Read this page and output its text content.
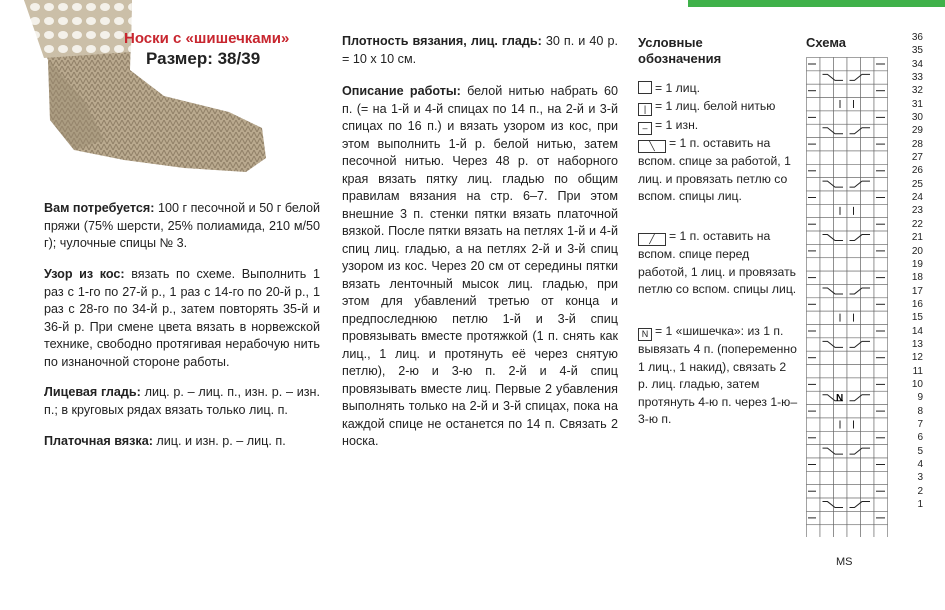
Носки с «шишечками»
Размер: 38/39
Вам потребуется: 100 г песочной и 50 г белой пряжи (75% шерсти, 25% полиамида, 210 м/50 г); чулочные спицы № 3.
Узор из кос: вязать по схеме. Выполнить 1 раз с 1-го по 27-й р., 1 раз с 14-го по 20-й р., 1 раз с 28-го по 34-й р., затем повторять 35-й и 36-й р. При смене цвета вязать в норвежской технике, свободно протягивая нерабочую нить по изнаночной стороне работы.
Лицевая гладь: лиц. р. – лиц. п., изн. р. – изн. п.; в круговых рядах вязать только лиц. п.
Платочная вязка: лиц. и изн. р. – лиц. п.
Плотность вязания, лиц. гладь: 30 п. и 40 р. = 10 х 10 см.
Описание работы: белой нитью набрать 60 п. (= на 1-й и 4-й спицах по 14 п., на 2-й и 3-й спицах по 16 п.) и вязать узором из кос, при этом выполнить 1-й р. белой нитью, затем песочной нитью. Через 48 р. от наборного края вязать пятку лиц. гладью по общим правилам вязания на стр. 6–7. При этом внешние 3 п. стенки пятки вязать платочной вязкой. После пятки вязать на петлях 1-й и 4-й спиц лиц. гладью, а на петлях 2-й и 3-й спиц узором из кос. Через 20 см от середины пятки вязать ленточный мысок лиц. гладью, при этом для убавлений третью от конца и предпоследнюю петлю 1-й и 3-й спиц провязывать вместе протяжкой (1 п. снять как лиц., 1 лиц. и протянуть её через снятую петлю), 2-ю и 3-ю п. 2-й и 4-й спиц провязывать вместе лиц. Первые 2 убавления выполнять только на 2-й и 3-й спицах, пока на каждой спице не останется по 14 п. Связать 2 носка.
Условные обозначения
= 1 лиц.
| = 1 лиц. белой нитью
– = 1 изн.
╲ = 1 п. оставить на вспом. спице за работой, 1 лиц. и провязать петлю со вспом. спицы лиц.
╱ = 1 п. оставить на вспом. спице перед работой, 1 лиц. и провязать петлю со вспом. спицы лиц.
N = 1 «шишечка»: из 1 п. вывязать 4 п. (попеременно 1 лиц., 1 накид), связать 2 р. лиц. гладью, затем протянуть 4-ю п. через 1-ю–3-ю п.
Схема
N
36
35
34
33
32
31
30
29
28
27
26
25
24
23
22
21
20
19
18
17
16
15
14
13
12
11
10
9
8
7
6
5
4
3
2
1
MS
